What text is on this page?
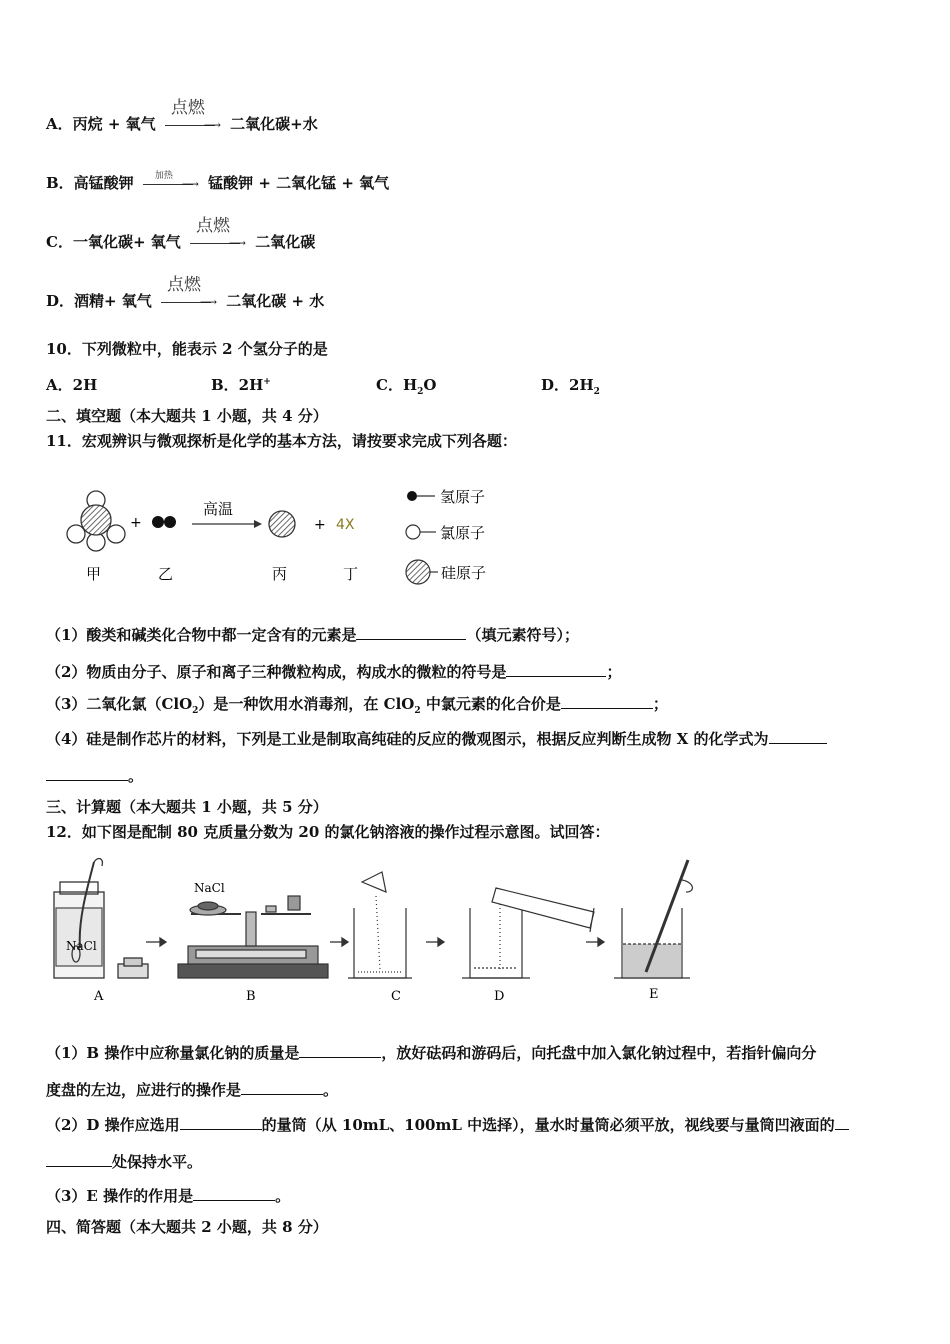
A．丙烷 + 氧气
点燃
⟶ 二氧化碳+水
B．高锰酸钾 加热
⟶ 锰酸钾 + 二氧化锰 + 氧气
C．一氧化碳+ 氧气
点燃
⟶ 二氧化碳
D．酒精+ 氧气
点燃
⟶ 二氧化碳 + 水
10．下列微粒中，能表示 2 个氢分子的是
A．2H	B．2H+	C．$H_2O$	D．$2H_2$
二、填空题（本大题共 1 小题，共 4 分）
11．宏观辨识与微观探析是化学的基本方法，请按要求完成下列各题：
+
高温
+ 4X
甲	乙	丙	丁
氢原子
氯原子
硅原子
（1）酸类和碱类化合物中都一定含有的元素是	（填元素符号）；
（2）物质由分子、原子和离子三种微粒构成，构成水的微粒的符号是	；
（3）二氧化氯（ClO$_2$）是一种饮用水消毒剂，在 ClO$_2$ 中氯元素的化合价是	；
（4）硅是制作芯片的材料，下列是工业是制取高纯硅的反应的微观图示，根据反应判断生成物 X 的化学式为
。
三、计算题（本大题共 1 小题，共 5 分）
12．如下图是配制 80 克质量分数为 20 的氯化钠溶液的操作过程示意图。试回答：
NaCl
NaCl
A	B	C	D	E
（1）B 操作中应称量氯化钠的质量是	，放好砝码和游码后，向托盘中加入氯化钠过程中，若指针偏向分
度盘的左边，应进行的操作是	。
（2）D 操作应选用	的量筒（从 10mL、100mL 中选择），量水时量筒必须平放，视线要与量筒凹液面的
处保持水平。
（3）E 操作的作用是	。
四、简答题（本大题共 2 小题，共 8 分）
